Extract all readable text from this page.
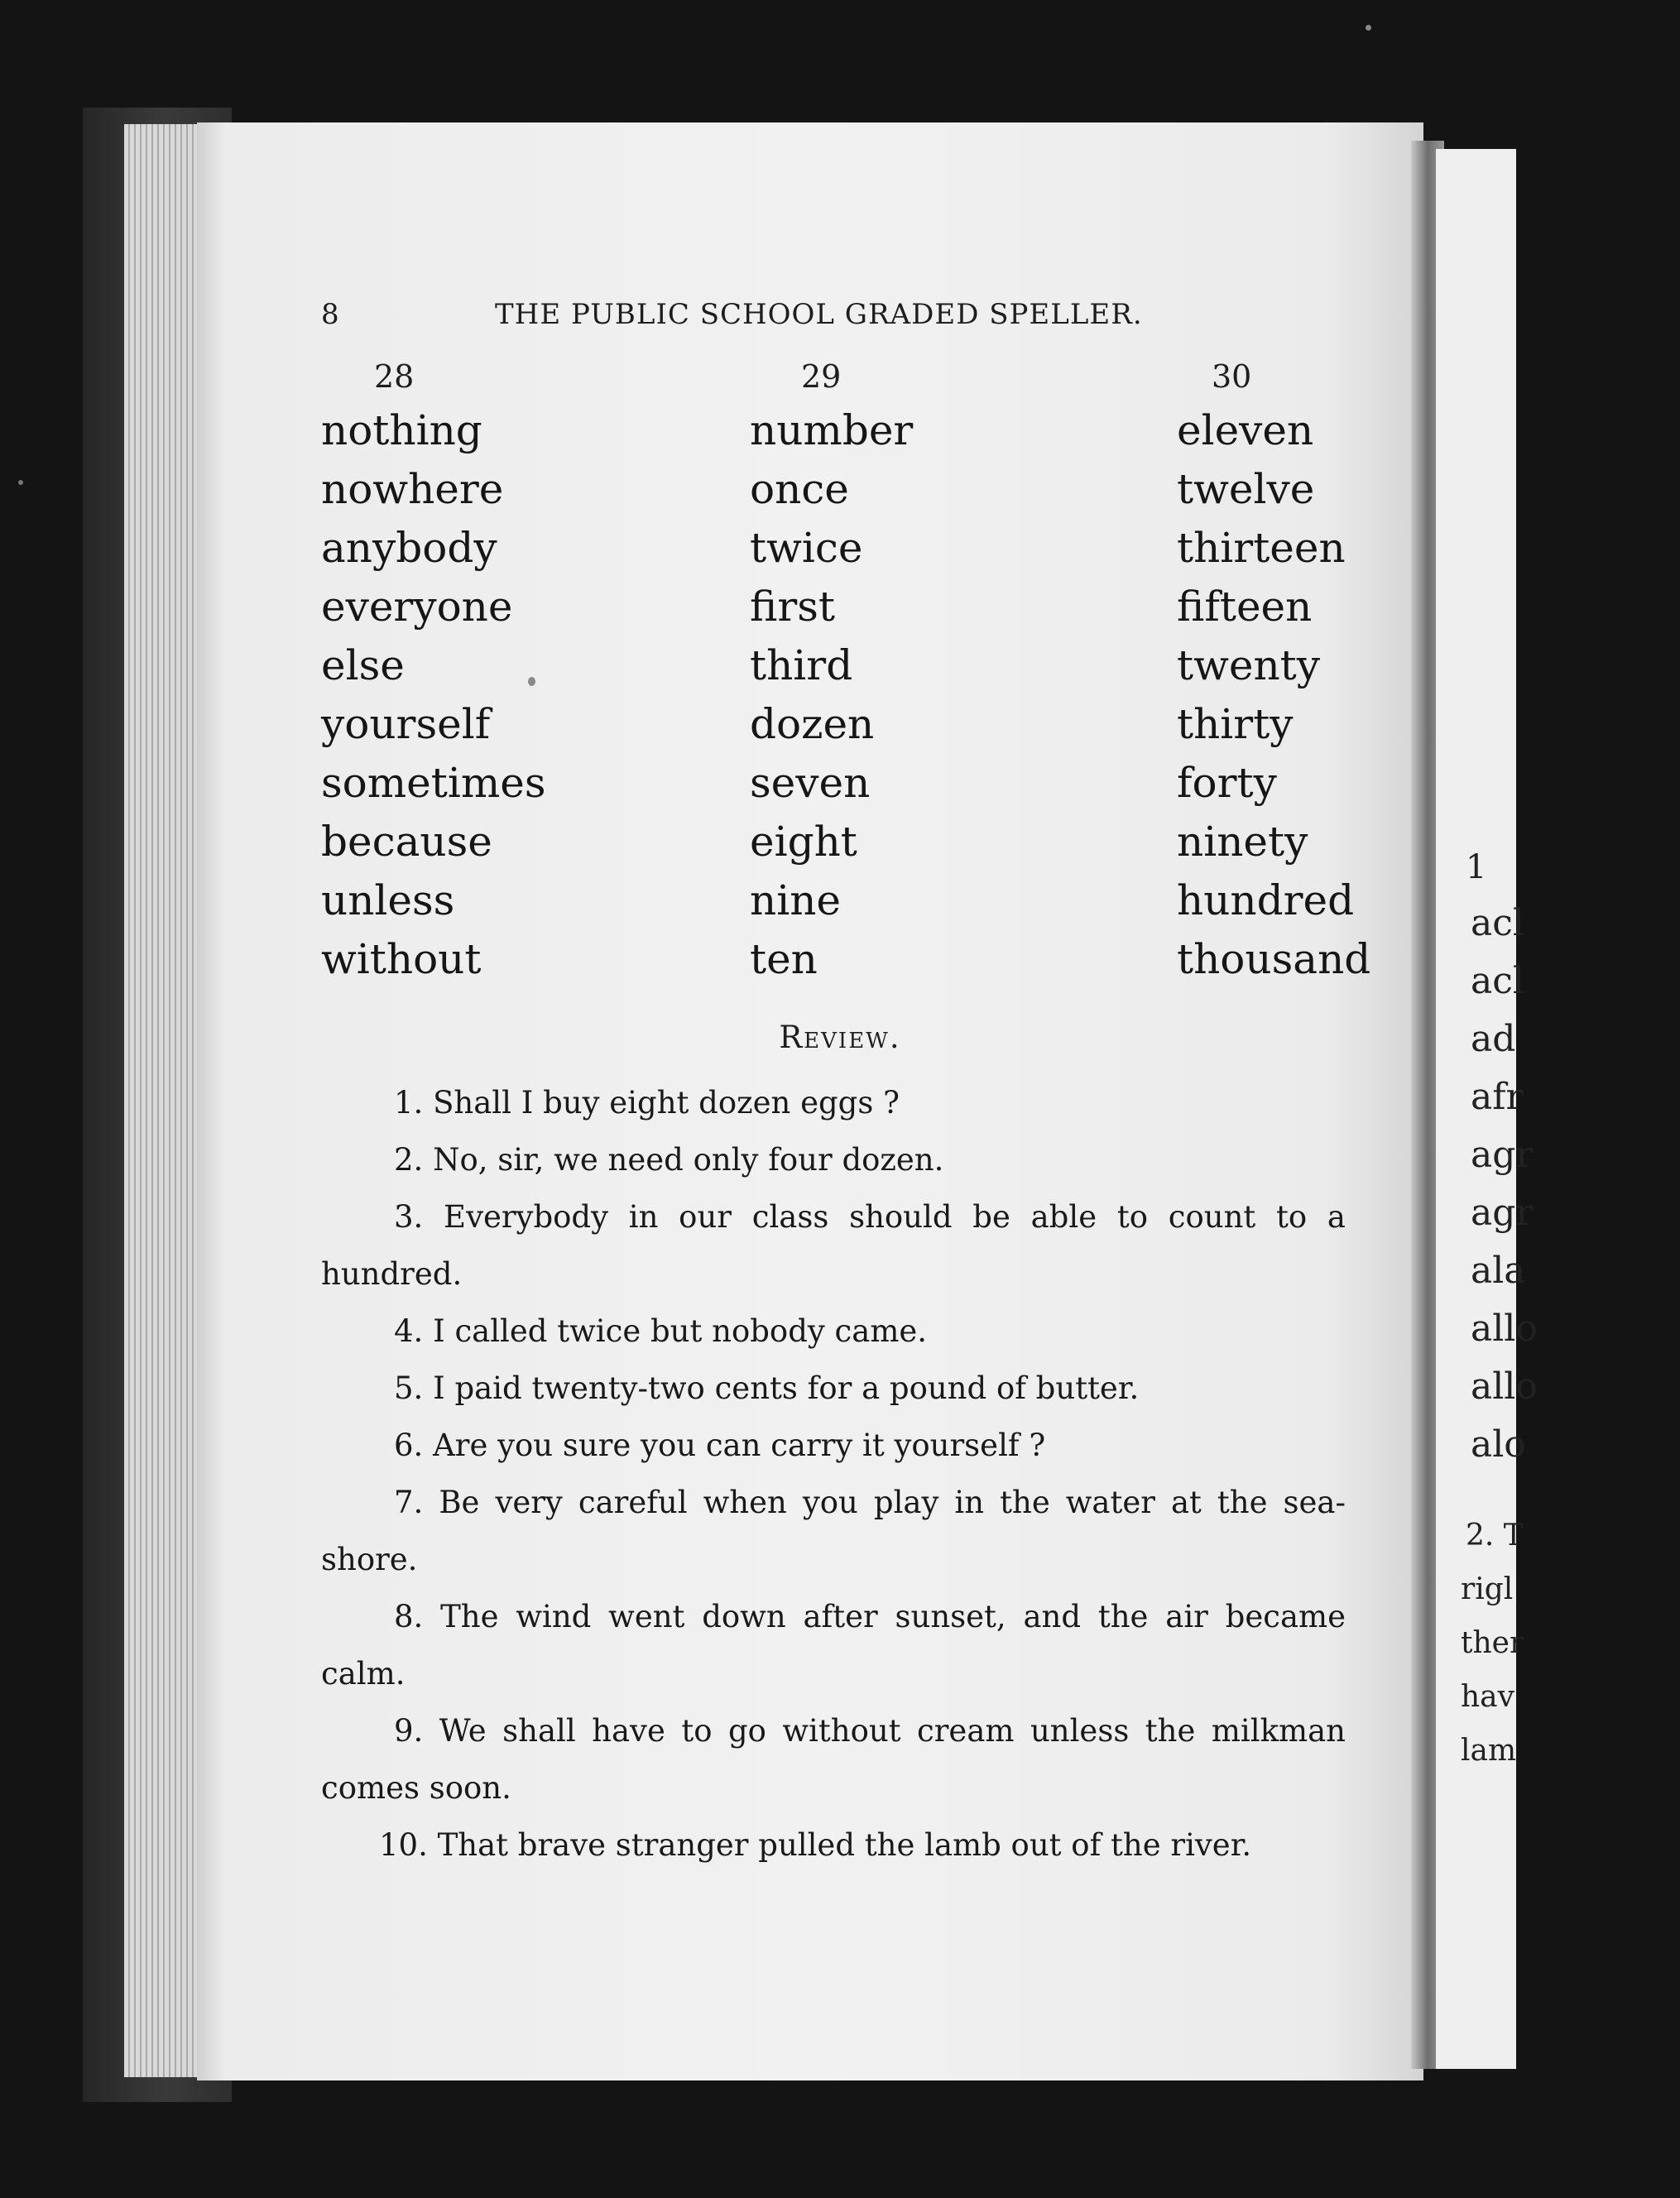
1
acl
acl
ad
afr
agr
agr
ala
allo
allo
alo
2. T
rigl
ther
hav
lam
8	THE PUBLIC SCHOOL GRADED SPELLER.
28
nothing
nowhere
anybody
everyone
else
yourself
sometimes
because
unless
without
29
number
once
twice
first
third
dozen
seven
eight
nine
ten
30
eleven
twelve
thirteen
fifteen
twenty
thirty
forty
ninety
hundred
thousand
Review.

1. Shall I buy eight dozen eggs ?

2. No, sir, we need only four dozen.

3. Everybody in our class should be able to count to a hundred.

4. I called twice but nobody came.

5. I paid twenty-two cents for a pound of butter.

6. Are you sure you can carry it yourself ?

7. Be very careful when you play in the water at the sea-shore.

8. The wind went down after sunset, and the air became calm.

9. We shall have to go without cream unless the milkman comes soon.

10. That brave stranger pulled the lamb out of the river.
